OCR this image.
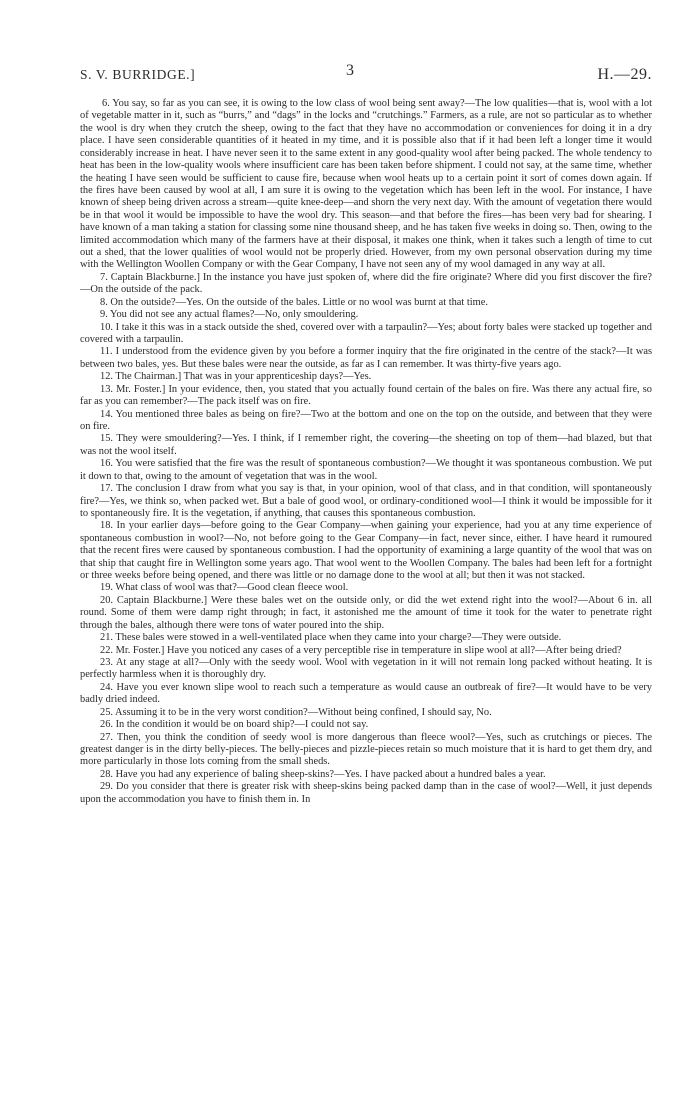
S. V. BURRIDGE.]	H.—29.
3

6. You say, so far as you can see, it is owing to the low class of wool being sent away?—The low qualities—that is, wool with a lot of vegetable matter in it, such as “burrs,” and “dags” in the locks and “crutchings.” Farmers, as a rule, are not so particular as to whether the wool is dry when they crutch the sheep, owing to the fact that they have no accommodation or conveniences for doing it in a dry place. I have seen considerable quantities of it heated in my time, and it is possible also that if it had been left a longer time it would considerably increase in heat. I have never seen it to the same extent in any good-quality wool after being packed. The whole tendency to heat has been in the low-quality wools where insufficient care has been taken before shipment. I could not say, at the same time, whether the heating I have seen would be sufficient to cause fire, because when wool heats up to a certain point it sort of comes down again. If the fires have been caused by wool at all, I am sure it is owing to the vegetation which has been left in the wool. For instance, I have known of sheep being driven across a stream—quite knee-deep—and shorn the very next day. With the amount of vegetation there would be in that wool it would be impossible to have the wool dry. This season—and that before the fires—has been very bad for shearing. I have known of a man taking a station for classing some nine thousand sheep, and he has taken five weeks in doing so. Then, owing to the limited accommodation which many of the farmers have at their disposal, it makes one think, when it takes such a length of time to cut out a shed, that the lower qualities of wool would not be properly dried. However, from my own personal observation during my time with the Wellington Woollen Company or with the Gear Company, I have not seen any of my wool damaged in any way at all.

7. Captain Blackburne.] In the instance you have just spoken of, where did the fire originate? Where did you first discover the fire?—On the outside of the pack.

8. On the outside?—Yes. On the outside of the bales. Little or no wool was burnt at that time.

9. You did not see any actual flames?—No, only smouldering.

10. I take it this was in a stack outside the shed, covered over with a tarpaulin?—Yes; about forty bales were stacked up together and covered with a tarpaulin.

11. I understood from the evidence given by you before a former inquiry that the fire originated in the centre of the stack?—It was between two bales, yes. But these bales were near the outside, as far as I can remember. It was thirty-five years ago.

12. The Chairman.] That was in your apprenticeship days?—Yes.

13. Mr. Foster.] In your evidence, then, you stated that you actually found certain of the bales on fire. Was there any actual fire, so far as you can remember?—The pack itself was on fire.

14. You mentioned three bales as being on fire?—Two at the bottom and one on the top on the outside, and between that they were on fire.

15. They were smouldering?—Yes. I think, if I remember right, the covering—the sheeting on top of them—had blazed, but that was not the wool itself.

16. You were satisfied that the fire was the result of spontaneous combustion?—We thought it was spontaneous combustion. We put it down to that, owing to the amount of vegetation that was in the wool.

17. The conclusion I draw from what you say is that, in your opinion, wool of that class, and in that condition, will spontaneously fire?—Yes, we think so, when packed wet. But a bale of good wool, or ordinary-conditioned wool—I think it would be impossible for it to spontaneously fire. It is the vegetation, if anything, that causes this spontaneous combustion.

18. In your earlier days—before going to the Gear Company—when gaining your experience, had you at any time experience of spontaneous combustion in wool?—No, not before going to the Gear Company—in fact, never since, either. I have heard it rumoured that the recent fires were caused by spontaneous combustion. I had the opportunity of examining a large quantity of the wool that was on that ship that caught fire in Wellington some years ago. That wool went to the Woollen Company. The bales had been left for a fortnight or three weeks before being opened, and there was little or no damage done to the wool at all; but then it was not stacked.

19. What class of wool was that?—Good clean fleece wool.

20. Captain Blackburne.] Were these bales wet on the outside only, or did the wet extend right into the wool?—About 6 in. all round. Some of them were damp right through; in fact, it astonished me the amount of time it took for the water to penetrate right through the bales, although there were tons of water poured into the ship.

21. These bales were stowed in a well-ventilated place when they came into your charge?—They were outside.

22. Mr. Foster.] Have you noticed any cases of a very perceptible rise in temperature in slipe wool at all?—After being dried?

23. At any stage at all?—Only with the seedy wool. Wool with vegetation in it will not remain long packed without heating. It is perfectly harmless when it is thoroughly dry.

24. Have you ever known slipe wool to reach such a temperature as would cause an outbreak of fire?—It would have to be very badly dried indeed.

25. Assuming it to be in the very worst condition?—Without being confined, I should say, No.

26. In the condition it would be on board ship?—I could not say.

27. Then, you think the condition of seedy wool is more dangerous than fleece wool?—Yes, such as crutchings or pieces. The greatest danger is in the dirty belly-pieces. The belly-pieces and pizzle-pieces retain so much moisture that it is hard to get them dry, and more particularly in those lots coming from the small sheds.

28. Have you had any experience of baling sheep-skins?—Yes. I have packed about a hundred bales a year.

29. Do you consider that there is greater risk with sheep-skins being packed damp than in the case of wool?—Well, it just depends upon the accommodation you have to finish them in. In
